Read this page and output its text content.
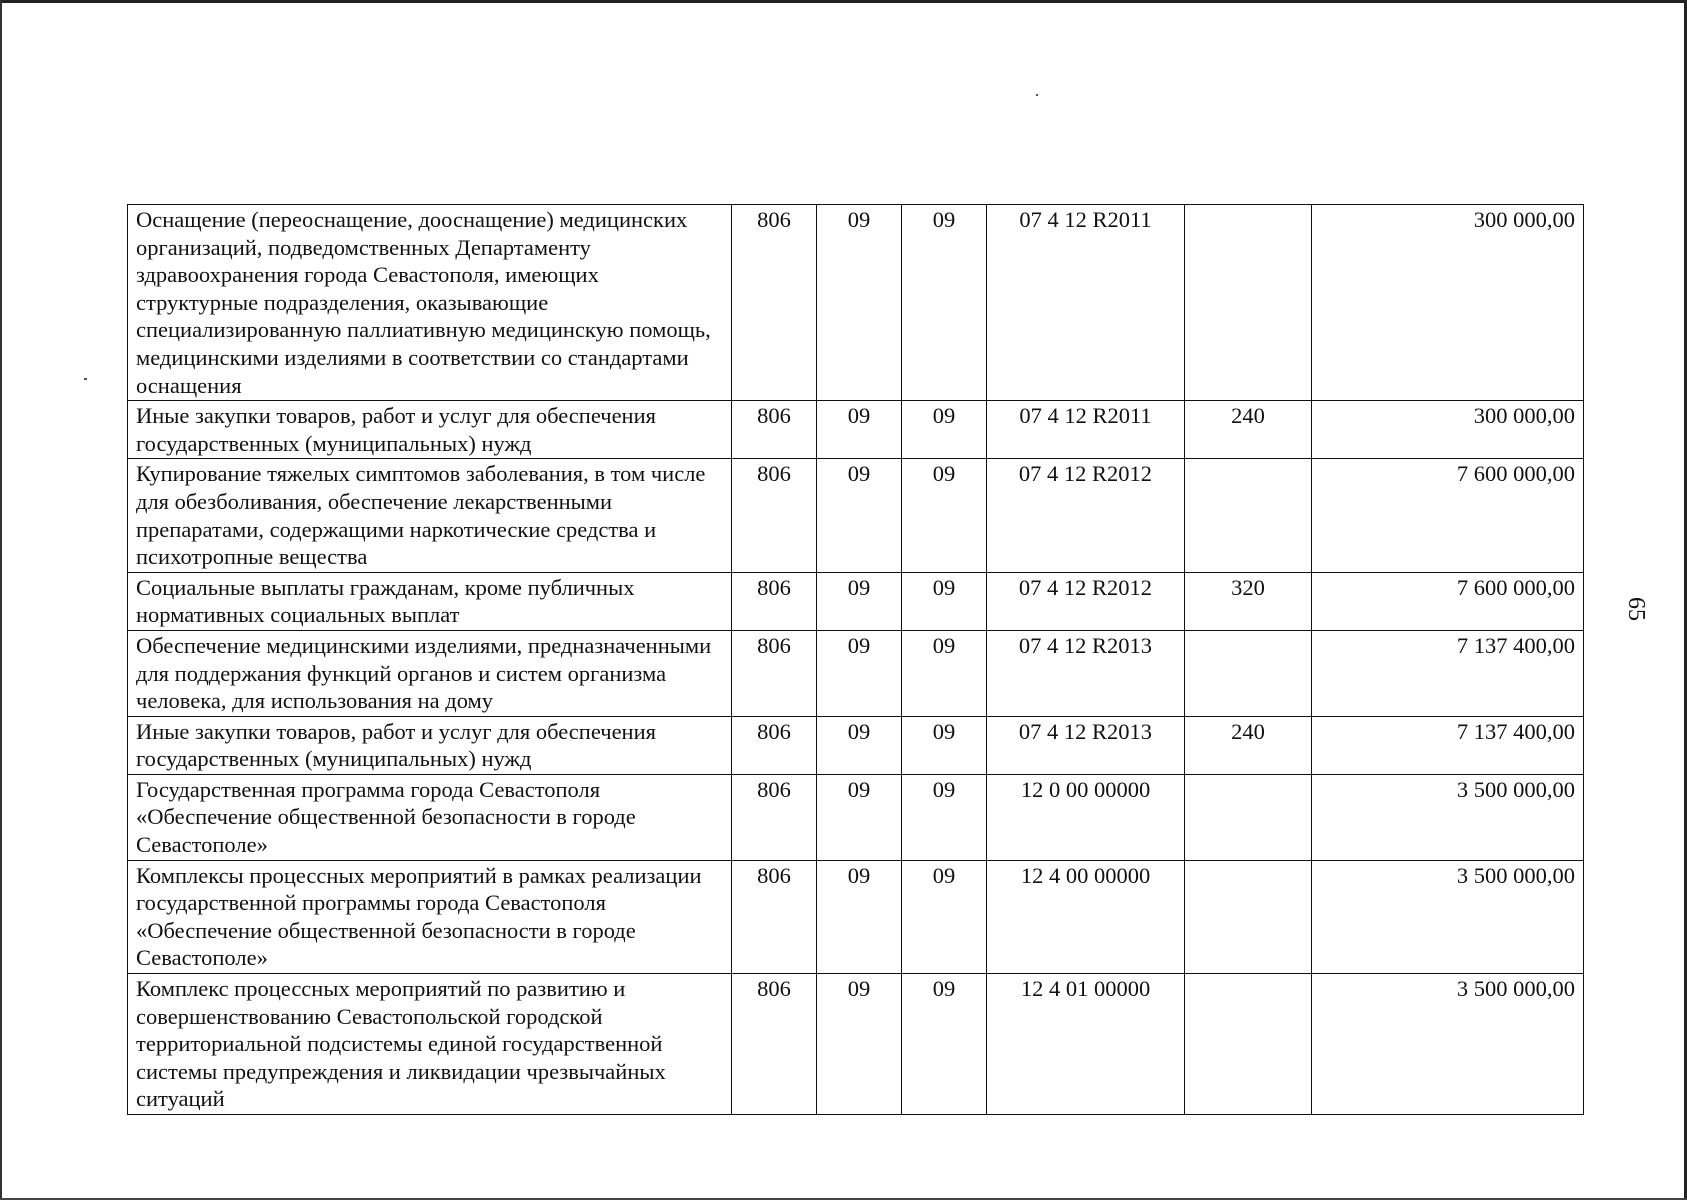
Оснащение (переоснащение, дооснащение) медицинских организаций, подведомственных Департаменту здравоохранения города Севастополя, имеющих структурные подразделения, оказывающие специализированную паллиативную медицинскую помощь, медицинскими изделиями в соответствии со стандартами оснащения	806	09	09	07 4 12 R2011		300 000,00
Иные закупки товаров, работ и услуг для обеспечения государственных (муниципальных) нужд	806	09	09	07 4 12 R2011	240	300 000,00
Купирование тяжелых симптомов заболевания, в том числе для обезболивания, обеспечение лекарственными препаратами, содержащими наркотические средства и психотропные вещества	806	09	09	07 4 12 R2012		7 600 000,00
Социальные выплаты гражданам, кроме публичных нормативных социальных выплат	806	09	09	07 4 12 R2012	320	7 600 000,00
Обеспечение медицинскими изделиями, предназначенными для поддержания функций органов и систем организма человека, для использования на дому	806	09	09	07 4 12 R2013		7 137 400,00
Иные закупки товаров, работ и услуг для обеспечения государственных (муниципальных) нужд	806	09	09	07 4 12 R2013	240	7 137 400,00
Государственная программа города Севастополя «Обеспечение общественной безопасности в городе Севастополе»	806	09	09	12 0 00 00000		3 500 000,00
Комплексы процессных мероприятий в рамках реализации государственной программы города Севастополя «Обеспечение общественной безопасности в городе Севастополе»	806	09	09	12 4 00 00000		3 500 000,00
Комплекс процессных мероприятий по развитию и совершенствованию Севастопольской городской территориальной подсистемы единой государственной системы предупреждения и ликвидации чрезвычайных ситуаций	806	09	09	12 4 01 00000		3 500 000,00
65
